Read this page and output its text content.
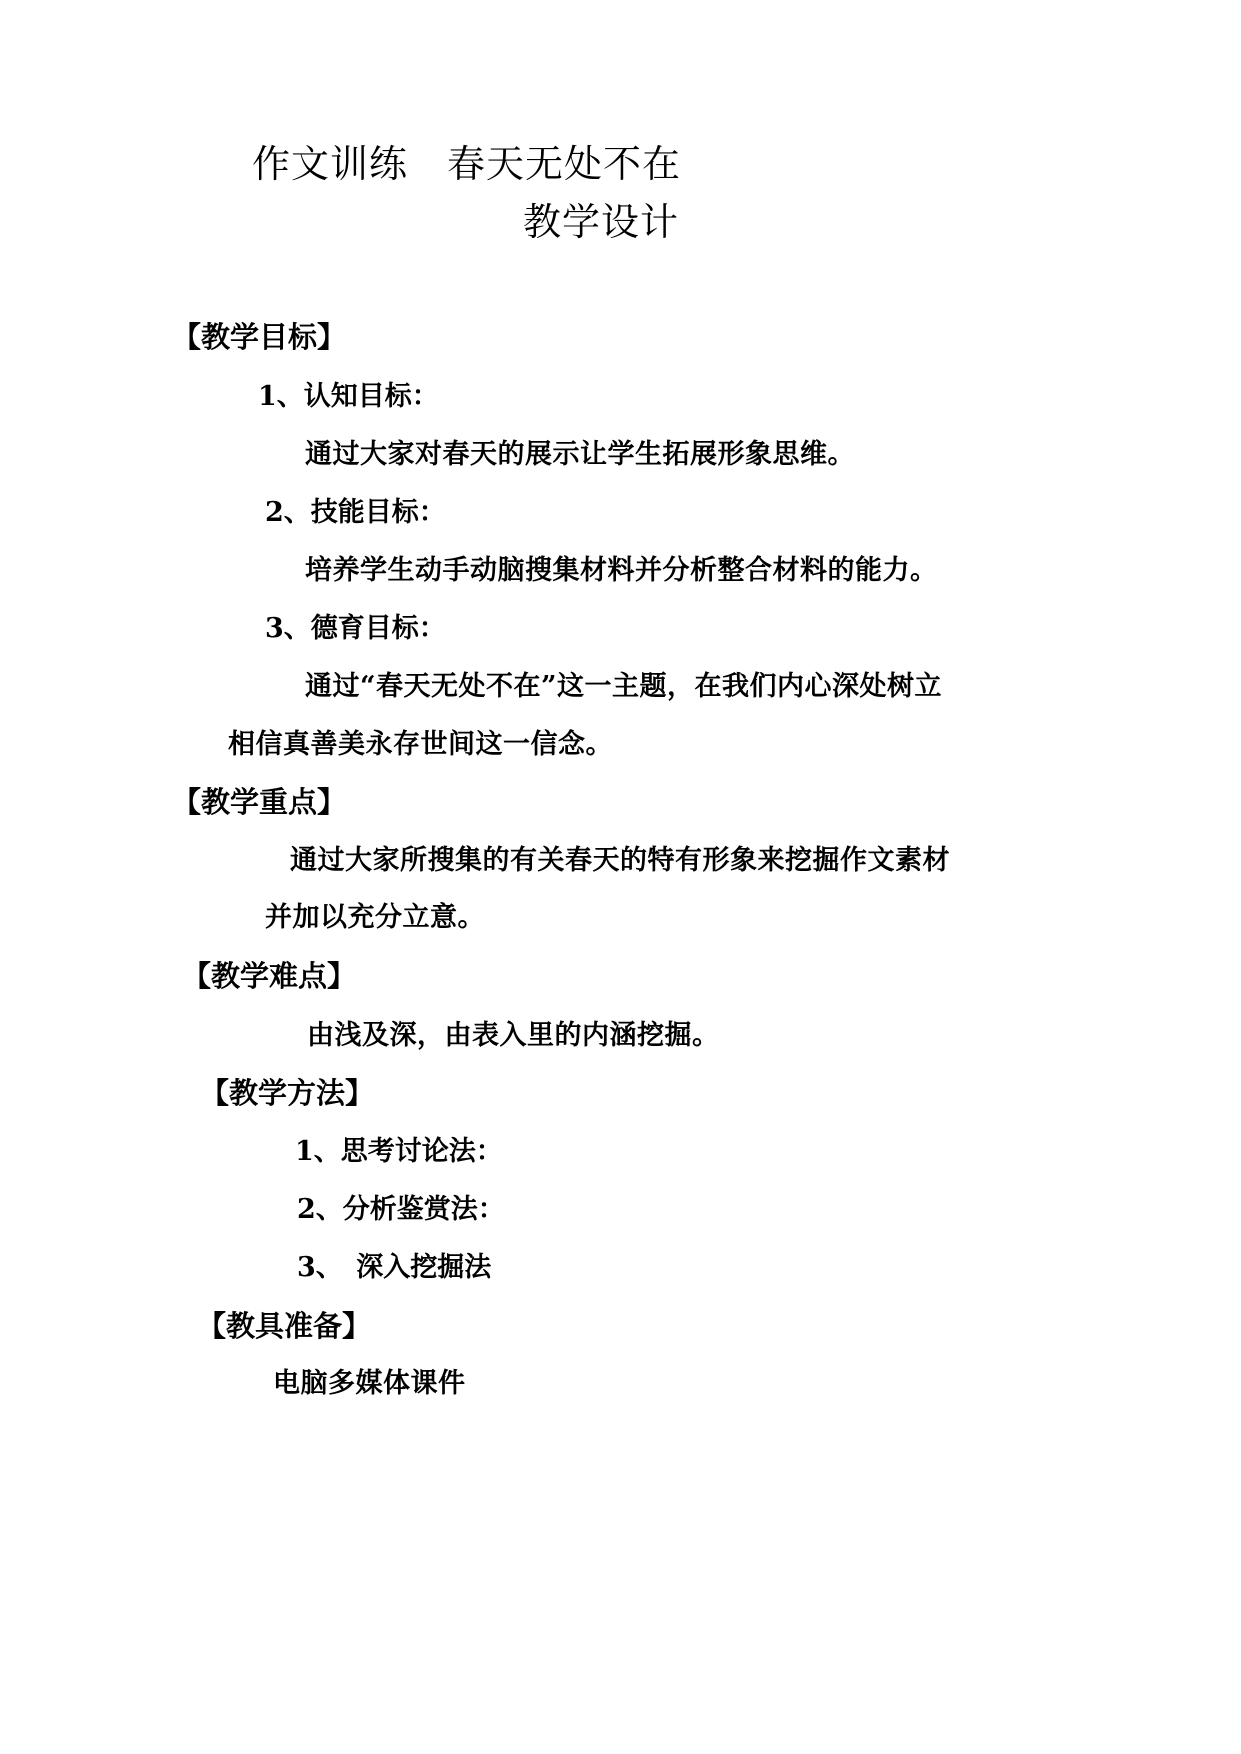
作文训练　春天无处不在
教学设计
【教学目标】
1、认知目标：
通过大家对春天的展示让学生拓展形象思维。
2、技能目标：
培养学生动手动脑搜集材料并分析整合材料的能力。
3、德育目标：
通过“春天无处不在”这一主题，在我们内心深处树立
相信真善美永存世间这一信念。
【教学重点】
通过大家所搜集的有关春天的特有形象来挖掘作文素材
并加以充分立意。
【教学难点】
由浅及深，由表入里的内涵挖掘。
【教学方法】
1、思考讨论法：
2、分析鉴赏法：
3、　深入挖掘法
【教具准备】
电脑多媒体课件
